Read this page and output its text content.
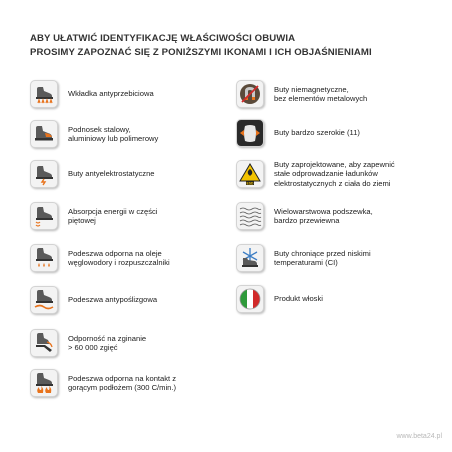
ABY UŁATWIĆ IDENTYFIKACJĘ WŁAŚCIWOŚCI OBUWIA
PROSIMY ZAPOZNAĆ SIĘ Z PONIŻSZYMI IKONAMI I ICH OBJAŚNIENIAMI
Wkładka antyprzebiciowa
Podnosek stalowy,
aluminiowy lub polimerowy
Buty antyelektrostatyczne
Absorpcja energii w części
piętowej
Podeszwa odporna na oleje
węglowodory i rozpuszczalniki
Podeszwa antypoślizgowa
Odporność na zginanie
> 60 000 zgięć
Podeszwa odporna na kontakt z
gorącym podłożem (300 C/min.)
Buty niemagnetyczne,
bez elementów metalowych
Buty bardzo szerokie (11)
ESD
Buty zaprojektowane, aby zapewnić
stałe odprowadzanie ładunków
elektrostatycznych z ciała do ziemi
Wielowarstwowa podszewka,
bardzo przewiewna
Buty chroniące przed niskimi
temperaturami (CI)
Produkt włoski
www.beta24.pl
